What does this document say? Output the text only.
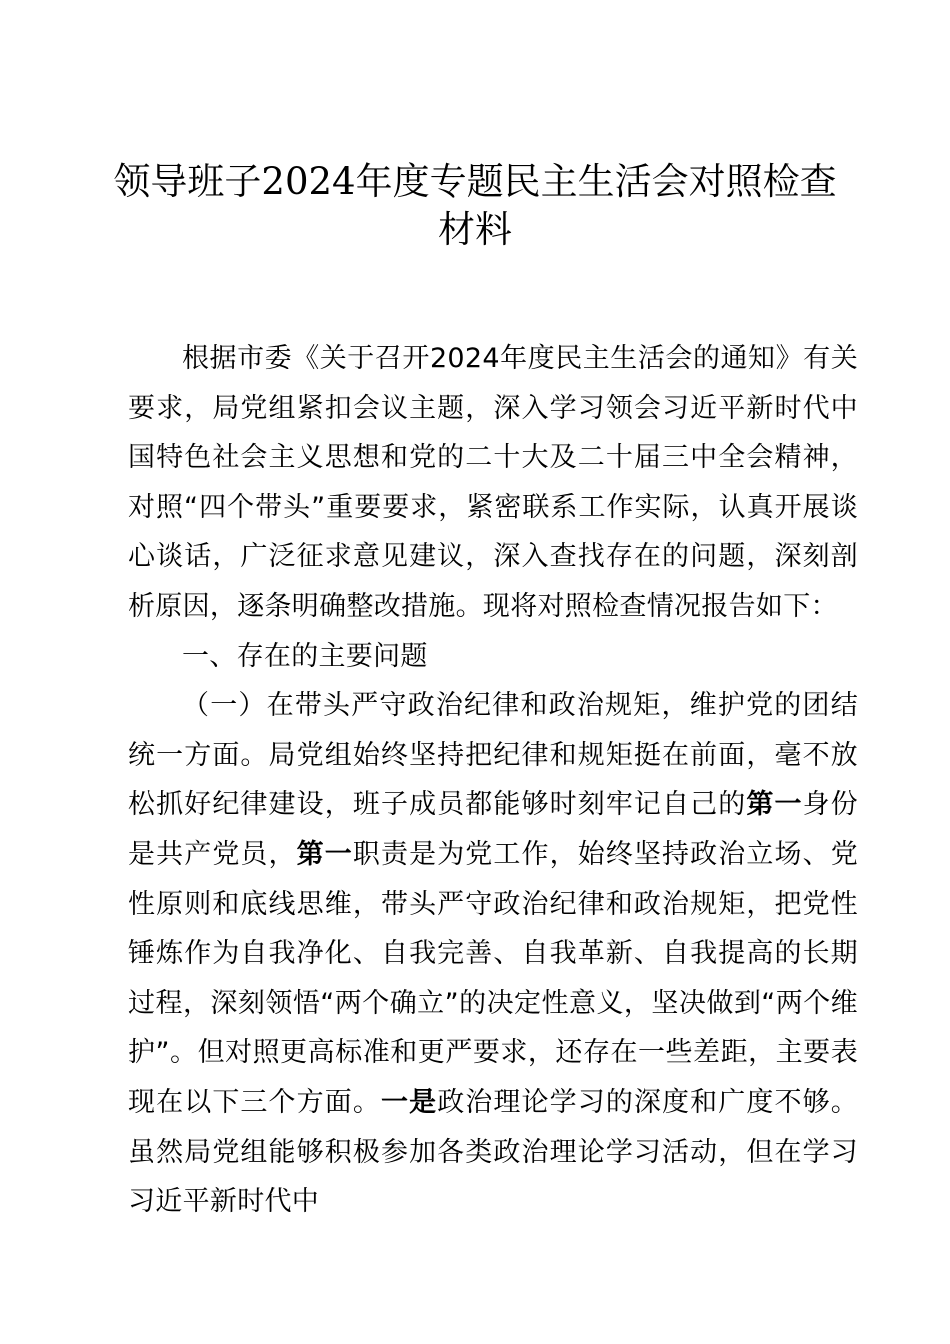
领导班子2024年度专题民主生活会对照检查
材料

根据市委《关于召开2024年度民主生活会的通知》有关要求，局党组紧扣会议主题，深入学习领会习近平新时代中国特色社会主义思想和党的二十大及二十届三中全会精神，对照“四个带头”重要要求，紧密联系工作实际，认真开展谈心谈话，广泛征求意见建议，深入查找存在的问题，深刻剖析原因，逐条明确整改措施。现将对照检查情况报告如下：

一、存在的主要问题

（一）在带头严守政治纪律和政治规矩，维护党的团结统一方面。局党组始终坚持把纪律和规矩挺在前面，毫不放松抓好纪律建设，班子成员都能够时刻牢记自己的第一身份是共产党员，第一职责是为党工作，始终坚持政治立场、党性原则和底线思维，带头严守政治纪律和政治规矩，把党性锤炼作为自我净化、自我完善、自我革新、自我提高的长期过程，深刻领悟“两个确立”的决定性意义，坚决做到“两个维护”。但对照更高标准和更严要求，还存在一些差距，主要表现在以下三个方面。一是政治理论学习的深度和广度不够。虽然局党组能够积极参加各类政治理论学习活动，但在学习习近平新时代中
